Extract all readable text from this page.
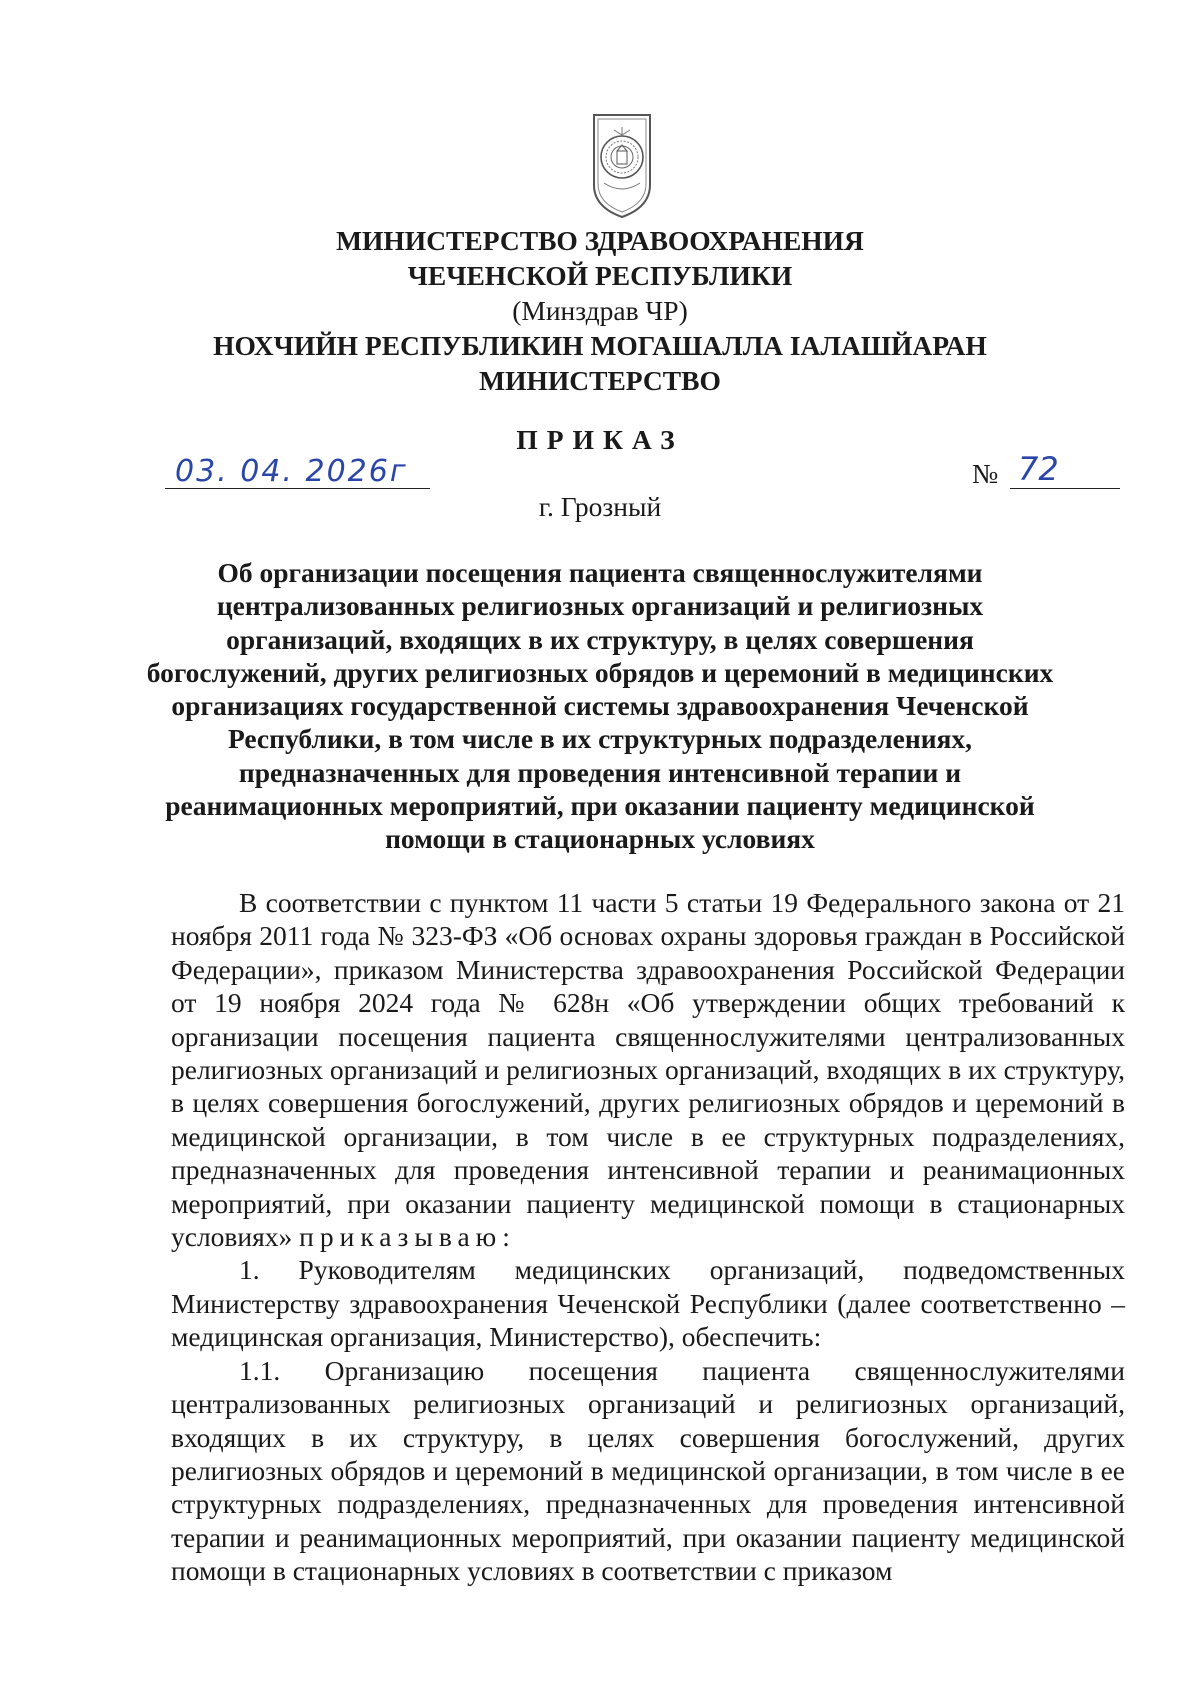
МИНИСТЕРСТВО ЗДРАВООХРАНЕНИЯ
ЧЕЧЕНСКОЙ РЕСПУБЛИКИ
(Минздрав ЧР)
НОХЧИЙН РЕСПУБЛИКИН МОГАШАЛЛА ӀАЛАШЙАРАН
МИНИСТЕРСТВО
ПРИКАЗ
03. 04. 2026г	№ 72
г. Грозный
Об организации посещения пациента священнослужителями
централизованных религиозных организаций и религиозных
организаций, входящих в их структуру, в целях совершения
богослужений, других религиозных обрядов и церемоний в медицинских
организациях государственной системы здравоохранения Чеченской
Республики, в том числе в их структурных подразделениях,
предназначенных для проведения интенсивной терапии и
реанимационных мероприятий, при оказании пациенту медицинской
помощи в стационарных условиях

В соответствии с пунктом 11 части 5 статьи 19 Федерального закона от 21 ноября 2011 года № 323-ФЗ «Об основах охраны здоровья граждан в Российской Федерации», приказом Министерства здравоохранения Российской Федерации от 19 ноября 2024 года № 628н «Об утверждении общих требований к организации посещения пациента священнослужителями централизованных религиозных организаций и религиозных организаций, входящих в их структуру, в целях совершения богослужений, других религиозных обрядов и церемоний в медицинской организации, в том числе в ее структурных подразделениях, предназначенных для проведения интенсивной терапии и реанимационных мероприятий, при оказании пациенту медицинской помощи в стационарных условиях» приказываю:

1. Руководителям медицинских организаций, подведомственных Министерству здравоохранения Чеченской Республики (далее соответственно – медицинская организация, Министерство), обеспечить:

1.1. Организацию посещения пациента священнослужителями централизованных религиозных организаций и религиозных организаций, входящих в их структуру, в целях совершения богослужений, других религиозных обрядов и церемоний в медицинской организации, в том числе в ее структурных подразделениях, предназначенных для проведения интенсивной терапии и реанимационных мероприятий, при оказании пациенту медицинской помощи в стационарных условиях в соответствии с приказом
